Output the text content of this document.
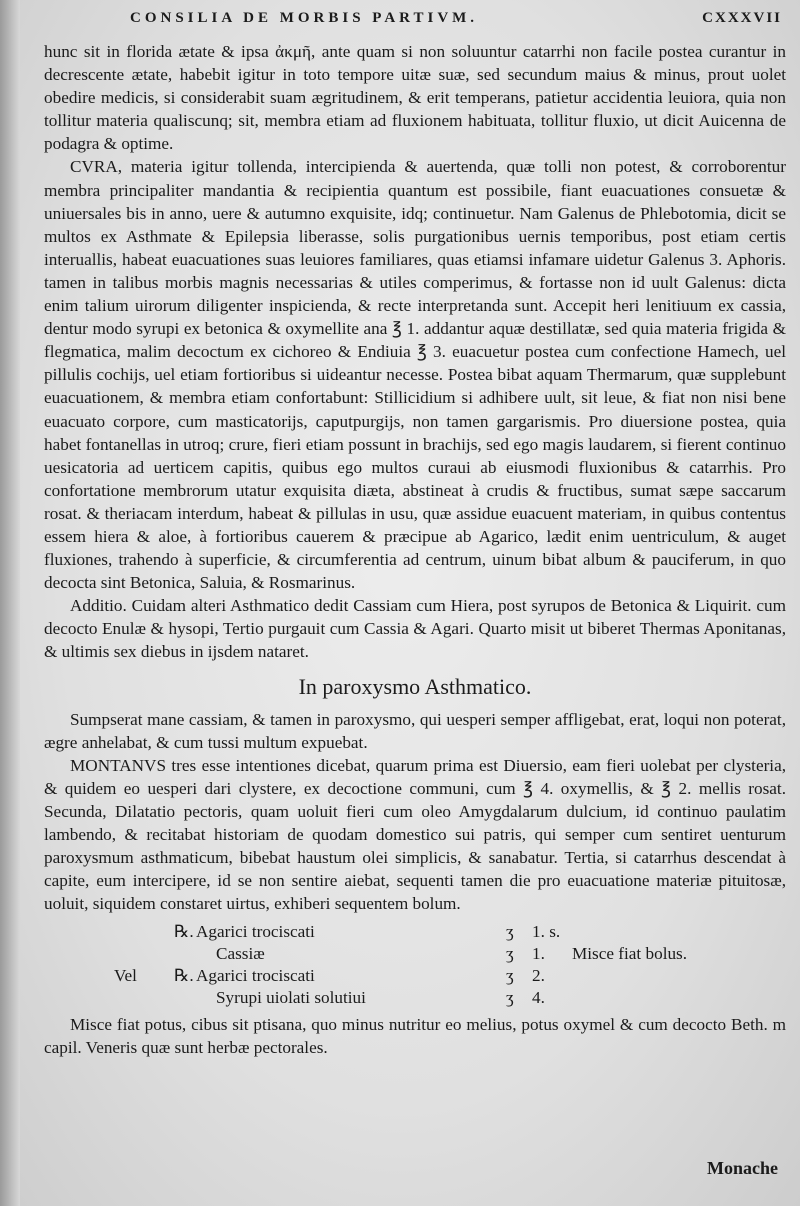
CONSILIA DE MORBIS PARTIVM.	CXXXVII

hunc sit in florida ætate & ipsa ἀκμῆ, ante quam si non soluuntur catarrhi non facile postea curantur in decrescente ætate, habebit igitur in toto tempore uitæ suæ, sed secundum maius & minus, prout uolet obedire medicis, si considerabit suam ægritudinem, & erit temperans, patietur accidentia leuiora, quia non tollitur materia qualiscunq; sit, membra etiam ad fluxionem habituata, tollitur fluxio, ut dicit Auicenna de podagra & optime.

CVRA, materia igitur tollenda, intercipienda & auertenda, quæ tolli non potest, & corroborentur membra principaliter mandantia & recipientia quantum est possibile, fiant euacuationes consuetæ & uniuersales bis in anno, uere & autumno exquisite, idq; continuetur. Nam Galenus de Phlebotomia, dicit se multos ex Asthmate & Epilepsia liberasse, solis purgationibus uernis temporibus, post etiam certis interuallis, habeat euacuationes suas leuiores familiares, quas etiamsi infamare uidetur Galenus 3. Aphoris. tamen in talibus morbis magnis necessarias & utiles comperimus, & fortasse non id uult Galenus: dicta enim talium uirorum diligenter inspicienda, & recte interpretanda sunt. Accepit heri lenitiuum ex cassia, dentur modo syrupi ex betonica & oxymellite ana ℥ 1. addantur aquæ destillatæ, sed quia materia frigida & flegmatica, malim decoctum ex cichoreo & Endiuia ℥ 3. euacuetur postea cum confectione Hamech, uel pillulis cochijs, uel etiam fortioribus si uideantur necesse. Postea bibat aquam Thermarum, quæ supplebunt euacuationem, & membra etiam confortabunt: Stillicidium si adhibere uult, sit leue, & fiat non nisi bene euacuato corpore, cum masticatorijs, caputpurgijs, non tamen gargarismis. Pro diuersione postea, quia habet fontanellas in utroq; crure, fieri etiam possunt in brachijs, sed ego magis laudarem, si fierent continuo uesicatoria ad uerticem capitis, quibus ego multos curaui ab eiusmodi fluxionibus & catarrhis. Pro confortatione membrorum utatur exquisita diæta, abstineat à crudis & fructibus, sumat sæpe saccarum rosat. & theriacam interdum, habeat & pillulas in usu, quæ assidue euacuent materiam, in quibus contentus essem hiera & aloe, à fortioribus cauerem & præcipue ab Agarico, lædit enim uentriculum, & auget fluxiones, trahendo à superficie, & circumferentia ad centrum, uinum bibat album & pauciferum, in quo decocta sint Betonica, Saluia, & Rosmarinus.

Additio. Cuidam alteri Asthmatico dedit Cassiam cum Hiera, post syrupos de Betonica & Liquirit. cum decocto Enulæ & hysopi, Tertio purgauit cum Cassia & Agari. Quarto misit ut biberet Thermas Aponitanas, & ultimis sex diebus in ijsdem nataret.

In paroxysmo Asthmatico.

Sumpserat mane cassiam, & tamen in paroxysmo, qui uesperi semper affligebat, erat, loqui non poterat, ægre anhelabat, & cum tussi multum expuebat.

MONTANVS tres esse intentiones dicebat, quarum prima est Diuersio, eam fieri uolebat per clysteria, & quidem eo uesperi dari clystere, ex decoctione communi, cum ℥ 4. oxymellis, & ℥ 2. mellis rosat. Secunda, Dilatatio pectoris, quam uoluit fieri cum oleo Amygdalarum dulcium, id continuo paulatim lambendo, & recitabat historiam de quodam domestico sui patris, qui semper cum sentiret uenturum paroxysmum asthmaticum, bibebat haustum olei simplicis, & sanabatur. Tertia, si catarrhus descendat à capite, eum intercipere, id se non sentire aiebat, sequenti tamen die pro euacuatione materiæ pituitosæ, uoluit, siquidem constaret uirtus, exhiberi sequentem bolum.

	℞.	Agarici trociscati	ʒ	1. s.	
		Cassiæ	ʒ	1.	Misce fiat bolus.
Vel	℞.	Agarici trociscati	ʒ	2.	
		Syrupi uiolati solutiui	ʒ	4.	

Misce fiat potus, cibus sit ptisana, quo minus nutritur eo melius, potus oxymel & cum decocto Beth. m capil. Veneris quæ sunt herbæ pectorales.

Monache
